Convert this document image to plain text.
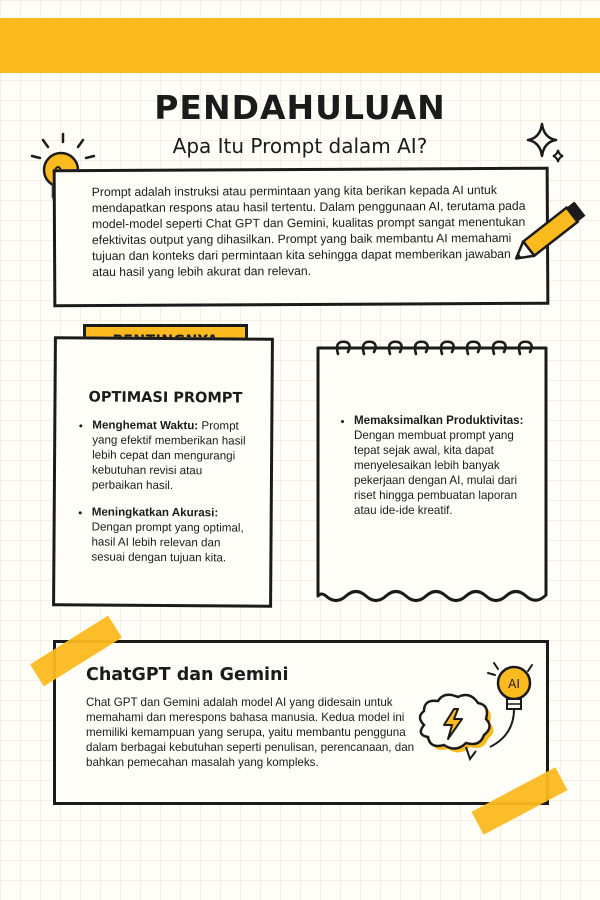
PENDAHULUAN

Apa Itu Prompt dalam AI?

Prompt adalah instruksi atau permintaan yang kita berikan kepada AI untuk mendapatkan respons atau hasil tertentu. Dalam penggunaan AI, terutama pada model-model seperti Chat GPT dan Gemini, kualitas prompt sangat menentukan efektivitas output yang dihasilkan. Prompt yang baik membantu AI memahami tujuan dan konteks dari permintaan kita sehingga dapat memberikan jawaban atau hasil yang lebih akurat dan relevan.

OPTIMASI PROMPT
• Menghemat Waktu: Prompt yang efektif memberikan hasil lebih cepat dan mengurangi kebutuhan revisi atau perbaikan hasil.
• Meningkatkan Akurasi: Dengan prompt yang optimal, hasil AI lebih relevan dan sesuai dengan tujuan kita.
• Memaksimalkan Produktivitas: Dengan membuat prompt yang tepat sejak awal, kita dapat menyelesaikan lebih banyak pekerjaan dengan AI, mulai dari riset hingga pembuatan laporan atau ide-ide kreatif.
ChatGPT dan Gemini

Chat GPT dan Gemini adalah model AI yang didesain untuk memahami dan merespons bahasa manusia. Kedua model ini memiliki kemampuan yang serupa, yaitu membantu pengguna dalam berbagai kebutuhan seperti penulisan, perencanaan, dan bahkan pemecahan masalah yang kompleks.

AI
